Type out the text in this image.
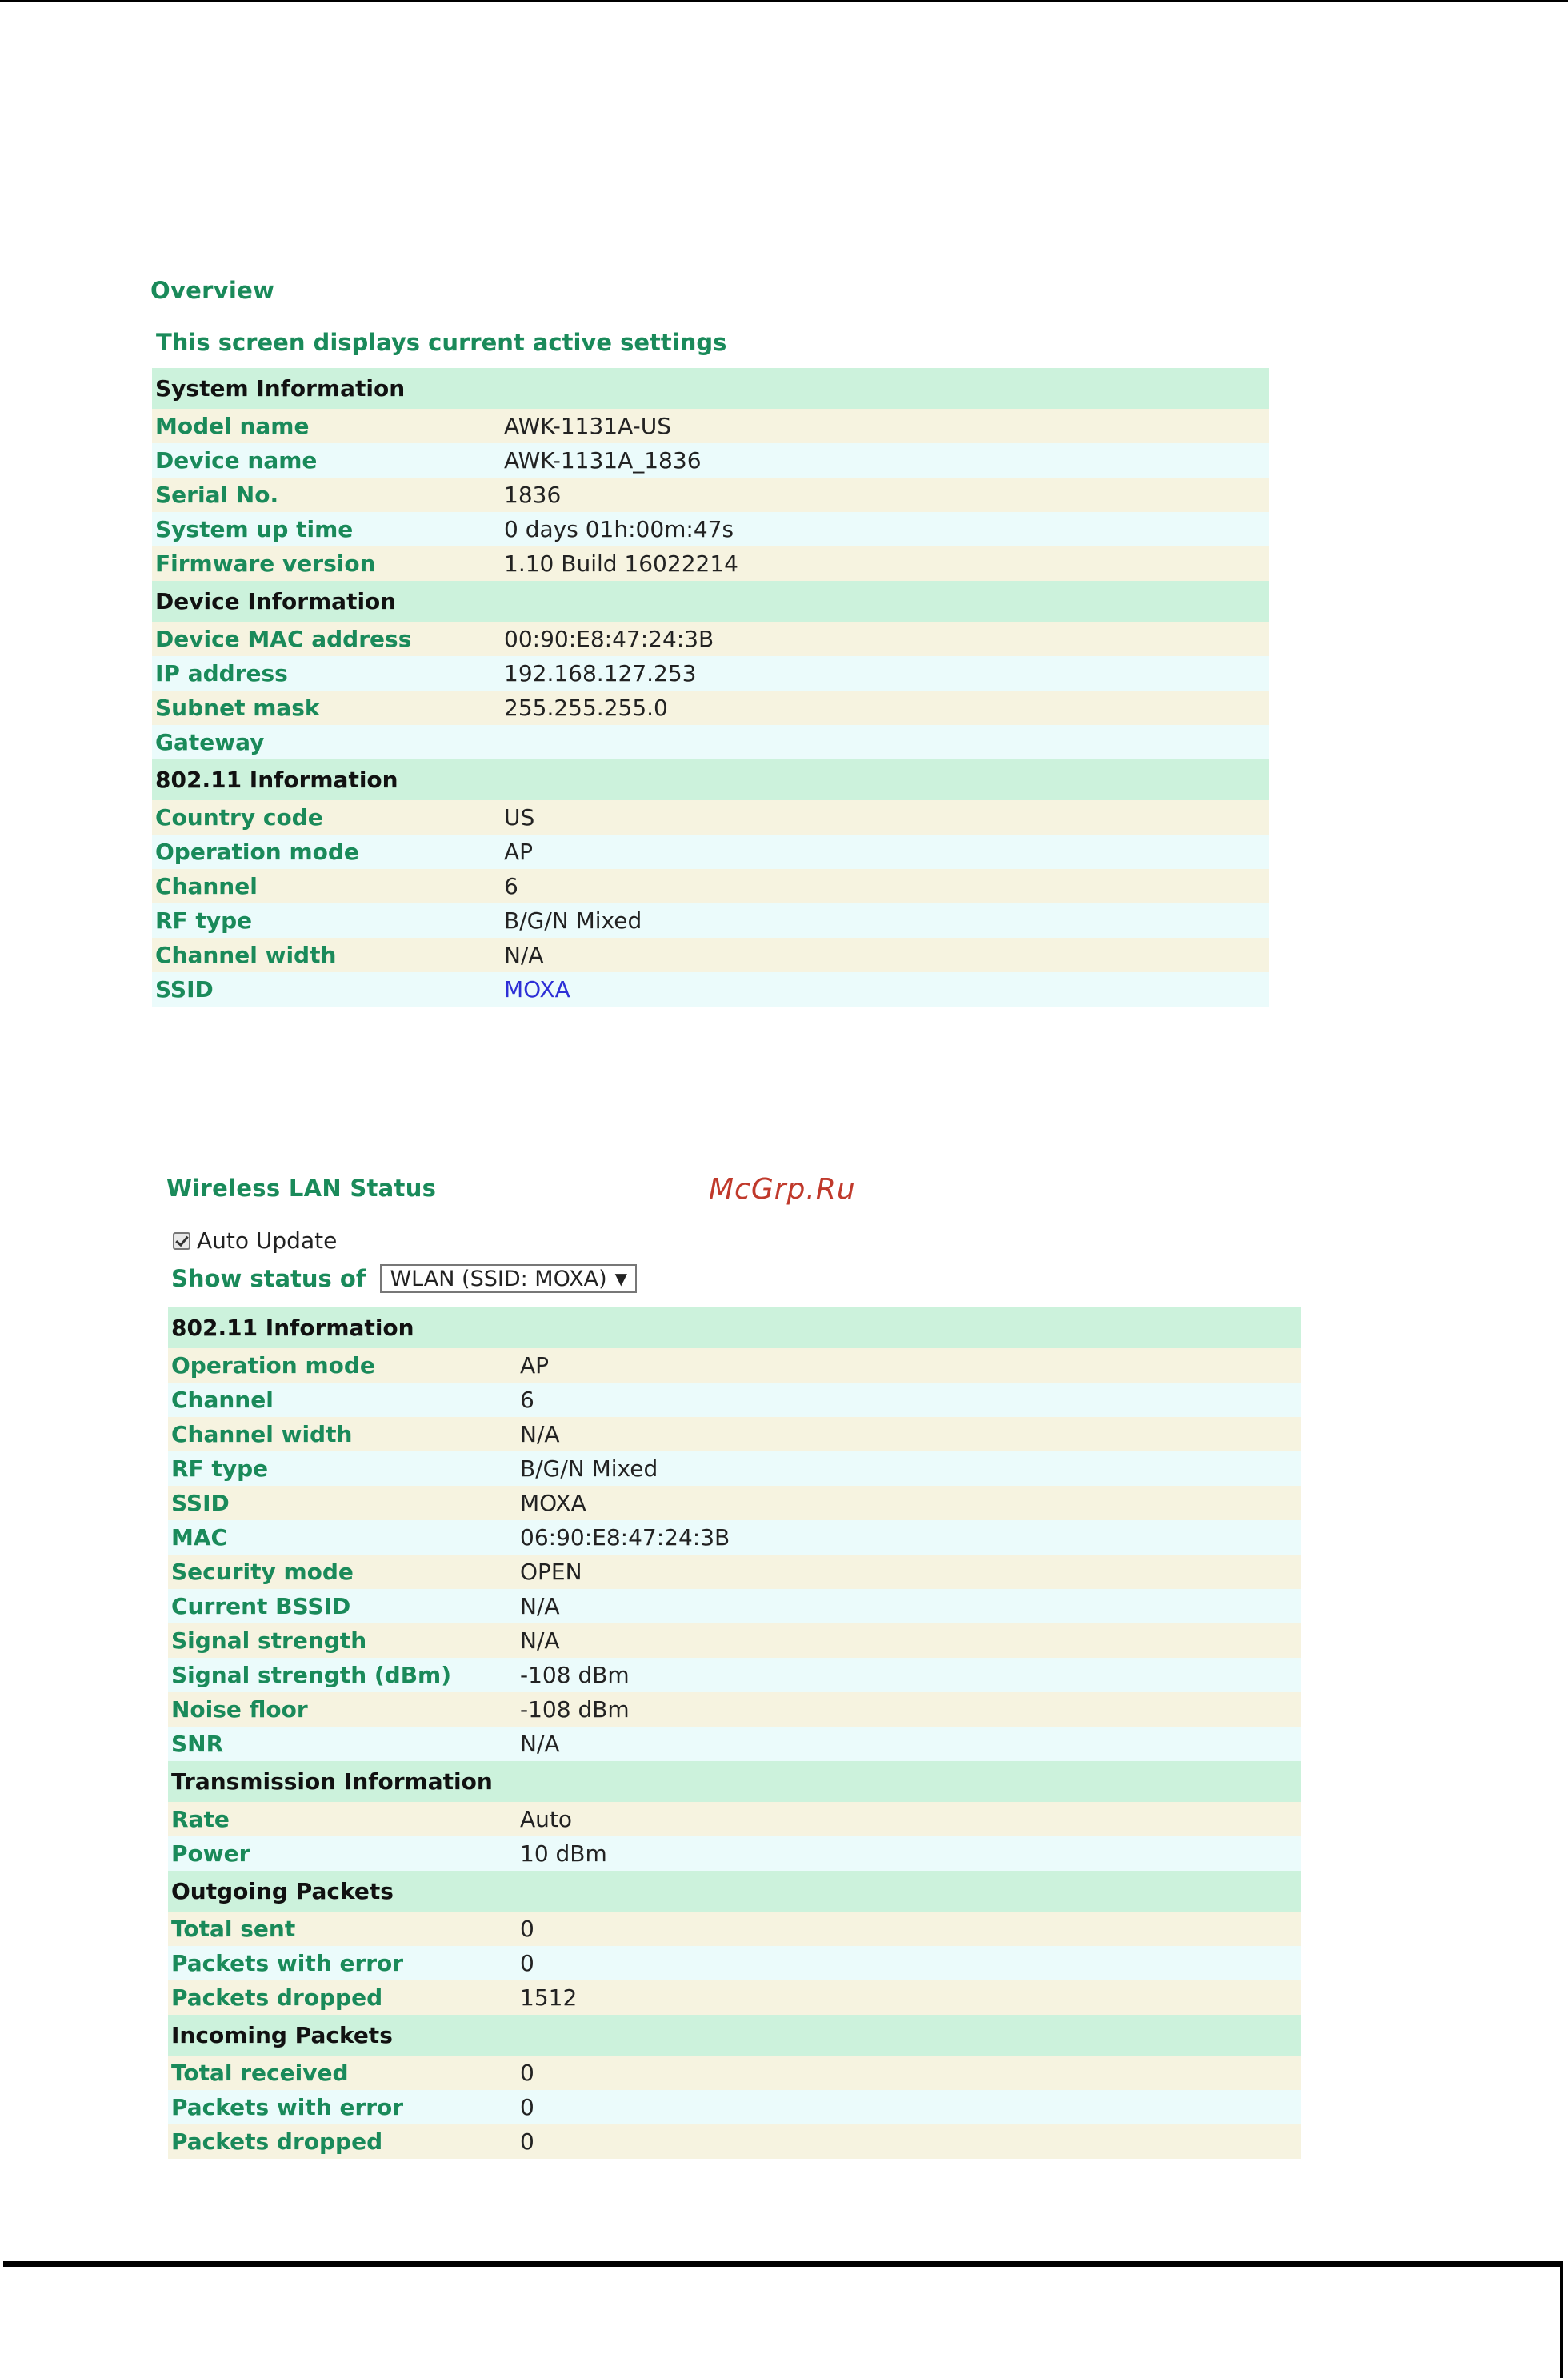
Overview
This screen displays current active settings
System Information	
Model name	AWK-1131A-US
Device name	AWK-1131A_1836
Serial No.	1836
System up time	0 days 01h:00m:47s
Firmware version	1.10 Build 16022214
Device Information	
Device MAC address	00:90:E8:47:24:3B
IP address	192.168.127.253
Subnet mask	255.255.255.0
Gateway	
802.11 Information	
Country code	US
Operation mode	AP
Channel	6
RF type	B/G/N Mixed
Channel width	N/A
SSID	MOXA
McGrp.Ru
Wireless LAN Status
Auto Update
Show status of WLAN (SSID: MOXA) ▼
802.11 Information	
Operation mode	AP
Channel	6
Channel width	N/A
RF type	B/G/N Mixed
SSID	MOXA
MAC	06:90:E8:47:24:3B
Security mode	OPEN
Current BSSID	N/A
Signal strength	N/A
Signal strength (dBm)	-108 dBm
Noise floor	-108 dBm
SNR	N/A
Transmission Information	
Rate	Auto
Power	10 dBm
Outgoing Packets	
Total sent	0
Packets with error	0
Packets dropped	1512
Incoming Packets	
Total received	0
Packets with error	0
Packets dropped	0
